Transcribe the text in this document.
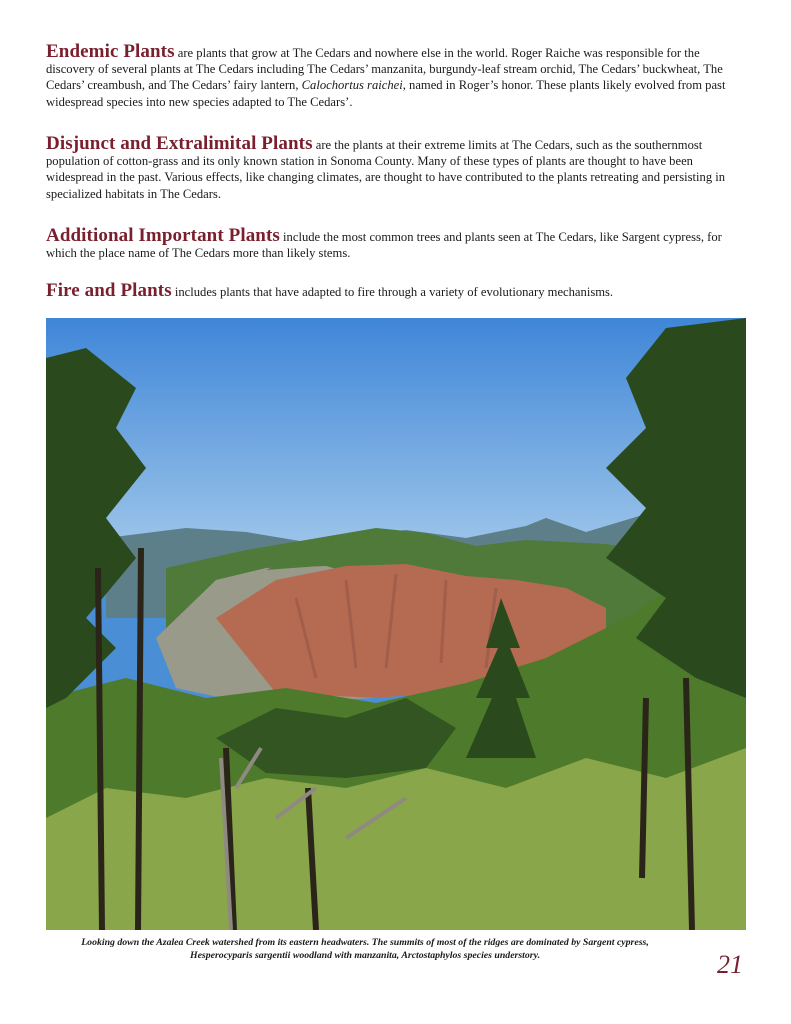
Endemic Plants are plants that grow at The Cedars and nowhere else in the world. Roger Raiche was responsible for the discovery of several plants at The Cedars including The Cedars’ manzanita, burgundy-leaf stream orchid, The Cedars’ buckwheat, The Cedars’ creambush, and The Cedars’ fairy lantern, Calochortus raichei, named in Roger’s honor. These plants likely evolved from past widespread species into new species adapted to The Cedars’.

Disjunct and Extralimital Plants are the plants at their extreme limits at The Cedars, such as the southernmost population of cotton-grass and its only known station in Sonoma County. Many of these types of plants are thought to have been widespread in the past. Various effects, like changing climates, are thought to have contributed to the plants retreating and persisting in specialized habitats in The Cedars.

Additional Important Plants include the most common trees and plants seen at The Cedars, like Sargent cypress, for which the place name of The Cedars more than likely stems.

Fire and Plants includes plants that have adapted to fire through a variety of evolutionary mechanisms.

Looking down the Azalea Creek watershed from its eastern headwaters. The summits of most of the ridges are dominated by Sargent cypress,
Hesperocyparis sargentii woodland with manzanita, Arctostaphylos species understory.	21
